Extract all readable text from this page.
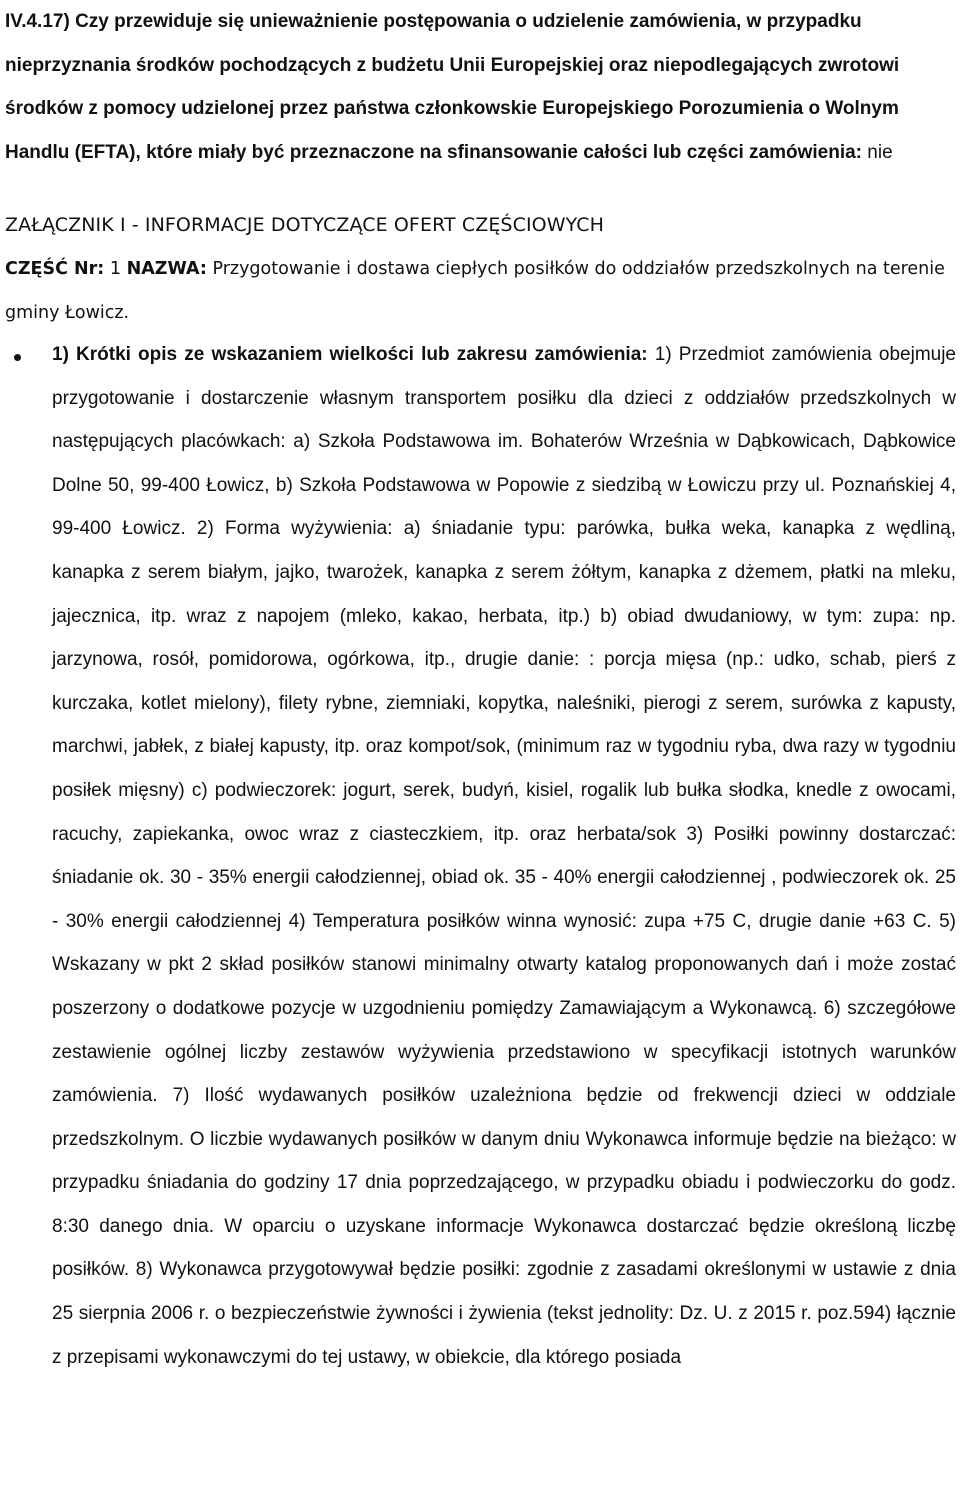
IV.4.17) Czy przewiduje się unieważnienie postępowania o udzielenie zamówienia, w przypadku nieprzyznania środków pochodzących z budżetu Unii Europejskiej oraz niepodlegających zwrotowi środków z pomocy udzielonej przez państwa członkowskie Europejskiego Porozumienia o Wolnym Handlu (EFTA), które miały być przeznaczone na sfinansowanie całości lub części zamówienia: nie

ZAŁĄCZNIK I - INFORMACJE DOTYCZĄCE OFERT CZĘŚCIOWYCH

CZĘŚĆ Nr: 1 NAZWA: Przygotowanie i dostawa ciepłych posiłków do oddziałów przedszkolnych na terenie gminy Łowicz.

1) Krótki opis ze wskazaniem wielkości lub zakresu zamówienia: 1) Przedmiot zamówienia obejmuje przygotowanie i dostarczenie własnym transportem posiłku dla dzieci z oddziałów przedszkolnych w następujących placówkach: a) Szkoła Podstawowa im. Bohaterów Września w Dąbkowicach, Dąbkowice Dolne 50, 99-400 Łowicz, b) Szkoła Podstawowa w Popowie z siedzibą w Łowiczu przy ul. Poznańskiej 4, 99-400 Łowicz. 2) Forma wyżywienia: a) śniadanie typu: parówka, bułka weka, kanapka z wędliną, kanapka z serem białym, jajko, twarożek, kanapka z serem żółtym, kanapka z dżemem, płatki na mleku, jajecznica, itp. wraz z napojem (mleko, kakao, herbata, itp.) b) obiad dwudaniowy, w tym: zupa: np. jarzynowa, rosół, pomidorowa, ogórkowa, itp., drugie danie: : porcja mięsa (np.: udko, schab, pierś z kurczaka, kotlet mielony), filety rybne, ziemniaki, kopytka, naleśniki, pierogi z serem, surówka z kapusty, marchwi, jabłek, z białej kapusty, itp. oraz kompot/sok, (minimum raz w tygodniu ryba, dwa razy w tygodniu posiłek mięsny) c) podwieczorek: jogurt, serek, budyń, kisiel, rogalik lub bułka słodka, knedle z owocami, racuchy, zapiekanka, owoc wraz z ciasteczkiem, itp. oraz herbata/sok 3) Posiłki powinny dostarczać: śniadanie ok. 30 - 35% energii całodziennej, obiad ok. 35 - 40% energii całodziennej , podwieczorek ok. 25 - 30% energii całodziennej 4) Temperatura posiłków winna wynosić: zupa +75 C, drugie danie +63 C. 5) Wskazany w pkt 2 skład posiłków stanowi minimalny otwarty katalog proponowanych dań i może zostać poszerzony o dodatkowe pozycje w uzgodnieniu pomiędzy Zamawiającym a Wykonawcą. 6) szczegółowe zestawienie ogólnej liczby zestawów wyżywienia przedstawiono w specyfikacji istotnych warunków zamówienia. 7) Ilość wydawanych posiłków uzależniona będzie od frekwencji dzieci w oddziale przedszkolnym. O liczbie wydawanych posiłków w danym dniu Wykonawca informuje będzie na bieżąco: w przypadku śniadania do godziny 17 dnia poprzedzającego, w przypadku obiadu i podwieczorku do godz. 8:30 danego dnia. W oparciu o uzyskane informacje Wykonawca dostarczać będzie określoną liczbę posiłków. 8) Wykonawca przygotowywał będzie posiłki: zgodnie z zasadami określonymi w ustawie z dnia 25 sierpnia 2006 r. o bezpieczeństwie żywności i żywienia (tekst jednolity: Dz. U. z 2015 r. poz.594) łącznie z przepisami wykonawczymi do tej ustawy, w obiekcie, dla którego posiada
